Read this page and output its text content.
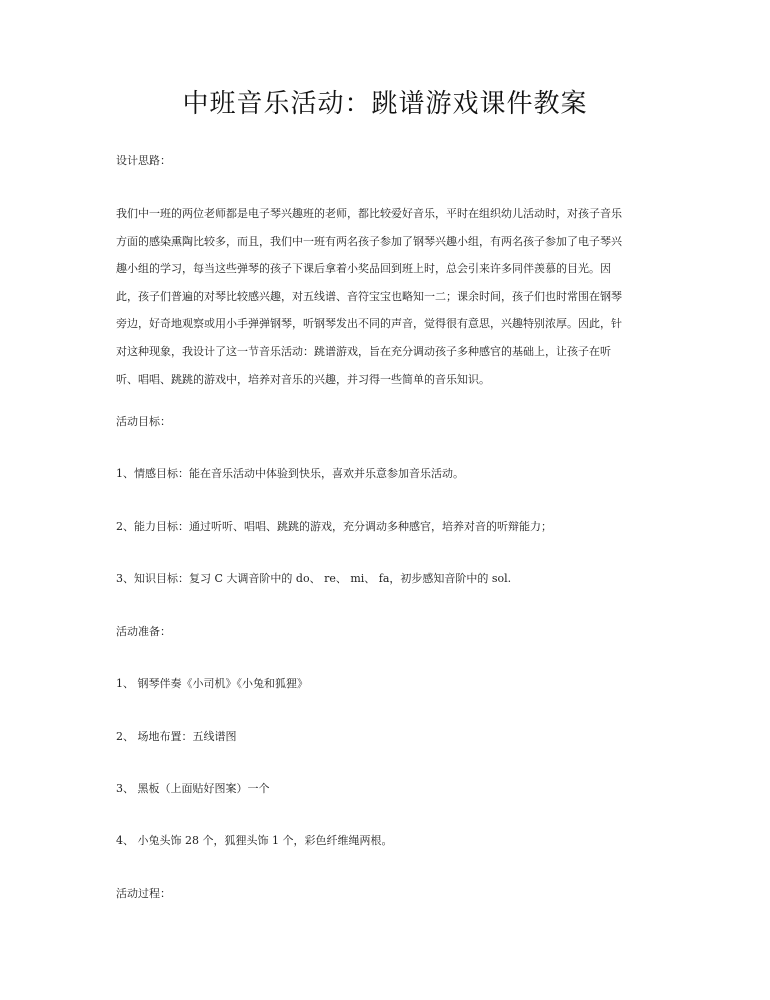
中班音乐活动：跳谱游戏课件教案
设计思路：
我们中一班的两位老师都是电子琴兴趣班的老师，都比较爱好音乐，平时在组织幼儿活动时，对孩子音乐
方面的感染熏陶比较多，而且，我们中一班有两名孩子参加了钢琴兴趣小组，有两名孩子参加了电子琴兴
趣小组的学习，每当这些弹琴的孩子下课后拿着小奖品回到班上时，总会引来许多同伴羡慕的目光。因
此，孩子们普遍的对琴比较感兴趣，对五线谱、音符宝宝也略知一二；课余时间，孩子们也时常围在钢琴
旁边，好奇地观察或用小手弹弹钢琴，听钢琴发出不同的声音，觉得很有意思，兴趣特别浓厚。因此，针
对这种现象，我设计了这一节音乐活动：跳谱游戏，旨在充分调动孩子多种感官的基础上，让孩子在听
听、唱唱、跳跳的游戏中，培养对音乐的兴趣，并习得一些简单的音乐知识。
活动目标：
1、情感目标：能在音乐活动中体验到快乐，喜欢并乐意参加音乐活动。
2、能力目标：通过听听、唱唱、跳跳的游戏，充分调动多种感官，培养对音的听辩能力；
3、知识目标：复习 C 大调音阶中的 do、 re、 mi、 fa，初步感知音阶中的 sol.
活动准备：
1、 钢琴伴奏《小司机》《小兔和狐狸》
2、 场地布置：五线谱图
3、 黑板（上面贴好图案）一个
4、 小兔头饰 28 个，狐狸头饰 1 个，彩色纤维绳两根。
活动过程：
